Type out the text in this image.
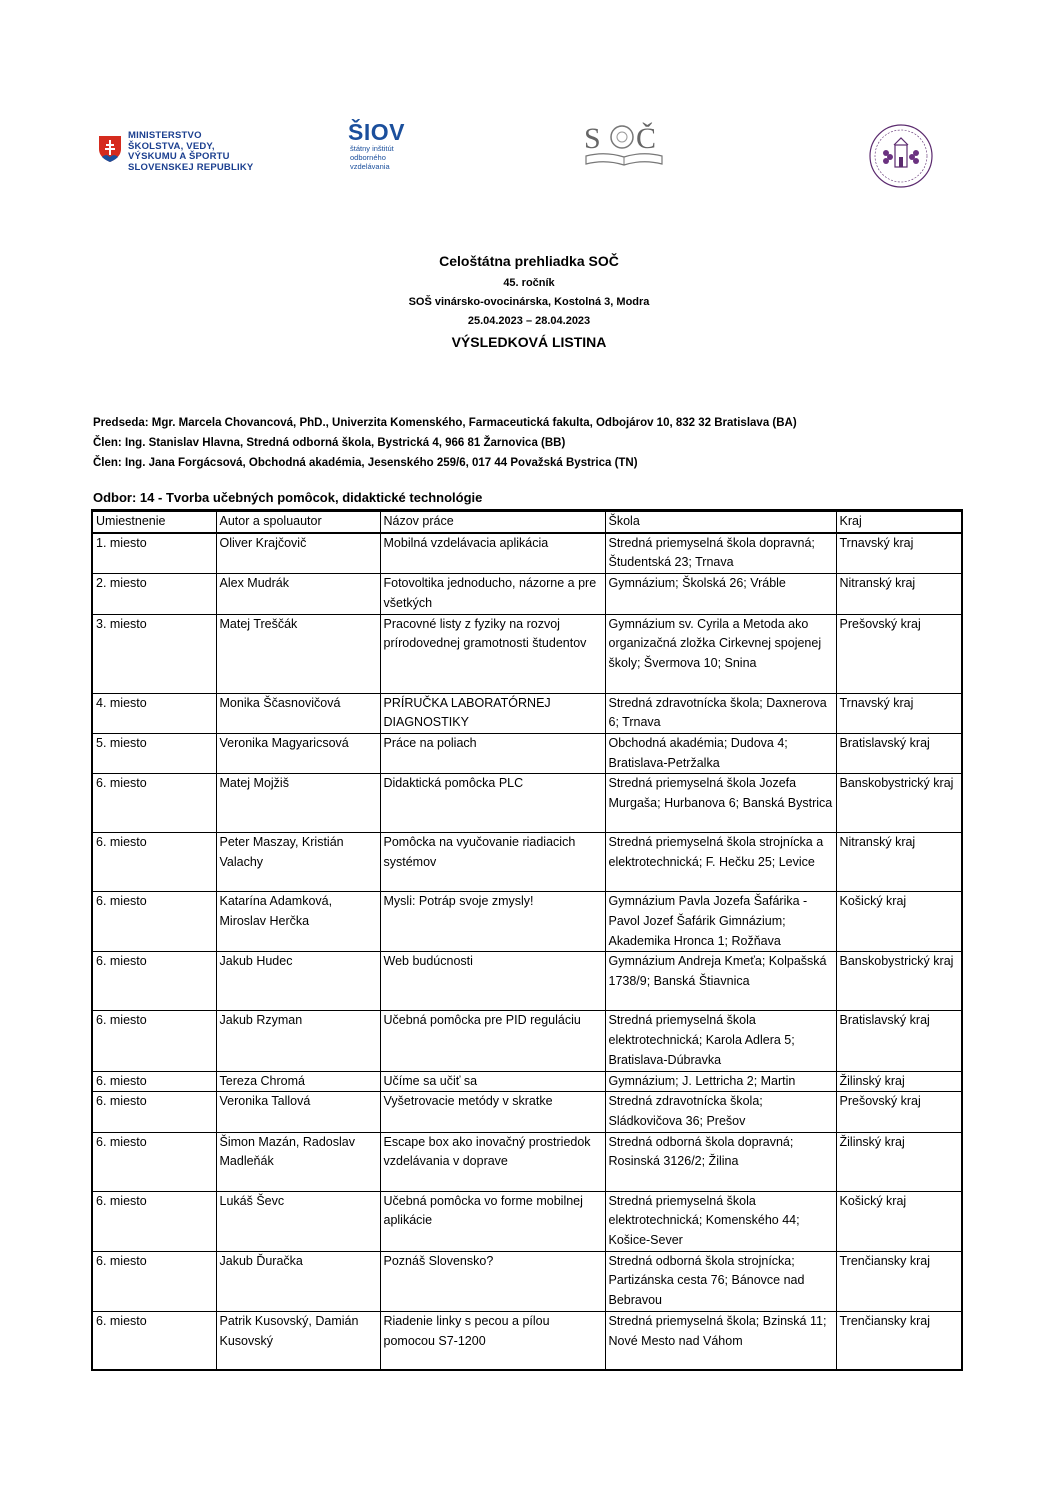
MINISTERSTVO
ŠKOLSTVA, VEDY,
VÝSKUMU A ŠPORTU
SLOVENSKEJ REPUBLIKY
ŠIOV
štátny inštitút
odborného
vzdelávania
S Č
Celoštátna prehliadka SOČ
45. ročník
SOŠ vinársko-ovocinárska, Kostolná 3, Modra
25.04.2023 – 28.04.2023
VÝSLEDKOVÁ LISTINA
Predseda: Mgr. Marcela Chovancová, PhD., Univerzita Komenského, Farmaceutická fakulta, Odbojárov 10, 832 32 Bratislava (BA)
Člen: Ing. Stanislav Hlavna, Stredná odborná škola, Bystrická 4, 966 81 Žarnovica (BB)
Člen: Ing. Jana Forgácsová, Obchodná akadémia, Jesenského 259/6, 017 44 Považská Bystrica (TN)
Odbor: 14 - Tvorba učebných pomôcok, didaktické technológie
Umiestnenie	Autor a spoluautor	Názov práce	Škola	Kraj
1. miesto	Oliver Krajčovič	Mobilná vzdelávacia aplikácia	Stredná priemyselná škola dopravná; Študentská 23; Trnava	Trnavský kraj
2. miesto	Alex Mudrák	Fotovoltika jednoducho, názorne a pre všetkých	Gymnázium; Školská 26; Vráble	Nitranský kraj
3. miesto	Matej Treščák	Pracovné listy z fyziky na rozvoj prírodovednej gramotnosti študentov	Gymnázium sv. Cyrila a Metoda ako organizačná zložka Cirkevnej spojenej školy; Švermova 10; Snina	Prešovský kraj
4. miesto	Monika Ščasnovičová	PRÍRUČKA LABORATÓRNEJ DIAGNOSTIKY	Stredná zdravotnícka škola; Daxnerova 6; Trnava	Trnavský kraj
5. miesto	Veronika Magyaricsová	Práce na poliach	Obchodná akadémia; Dudova 4; Bratislava-Petržalka	Bratislavský kraj
6. miesto	Matej Mojžiš	Didaktická pomôcka PLC	Stredná priemyselná škola Jozefa Murgaša; Hurbanova 6; Banská Bystrica	Banskobystrický kraj
6. miesto	Peter Maszay, Kristián Valachy	Pomôcka na vyučovanie riadiacich systémov	Stredná priemyselná škola strojnícka a elektrotechnická; F. Hečku 25; Levice	Nitranský kraj
6. miesto	Katarína Adamková, Miroslav Herčka	Mysli: Potráp svoje zmysly!	Gymnázium Pavla Jozefa Šafárika - Pavol Jozef Šafárik Gimnázium; Akademika Hronca 1; Rožňava	Košický kraj
6. miesto	Jakub Hudec	Web budúcnosti	Gymnázium Andreja Kmeťa; Kolpašská 1738/9; Banská Štiavnica	Banskobystrický kraj
6. miesto	Jakub Rzyman	Učebná pomôcka pre PID reguláciu	Stredná priemyselná škola elektrotechnická; Karola Adlera 5; Bratislava-Dúbravka	Bratislavský kraj
6. miesto	Tereza Chromá	Učíme sa učiť sa	Gymnázium; J. Lettricha 2; Martin	Žilinský kraj
6. miesto	Veronika Tallová	Vyšetrovacie metódy v skratke	Stredná zdravotnícka škola; Sládkovičova 36; Prešov	Prešovský kraj
6. miesto	Šimon Mazán, Radoslav Madleňák	Escape box ako inovačný prostriedok vzdelávania v doprave	Stredná odborná škola dopravná; Rosinská 3126/2; Žilina	Žilinský kraj
6. miesto	Lukáš Ševc	Učebná pomôcka vo forme mobilnej aplikácie	Stredná priemyselná škola elektrotechnická; Komenského 44; Košice-Sever	Košický kraj
6. miesto	Jakub Ďuračka	Poznáš Slovensko?	Stredná odborná škola strojnícka; Partizánska cesta 76; Bánovce nad Bebravou	Trenčiansky kraj
6. miesto	Patrik Kusovský, Damián Kusovský	Riadenie linky s pecou a pílou pomocou S7-1200	Stredná priemyselná škola; Bzinská 11; Nové Mesto nad Váhom	Trenčiansky kraj
